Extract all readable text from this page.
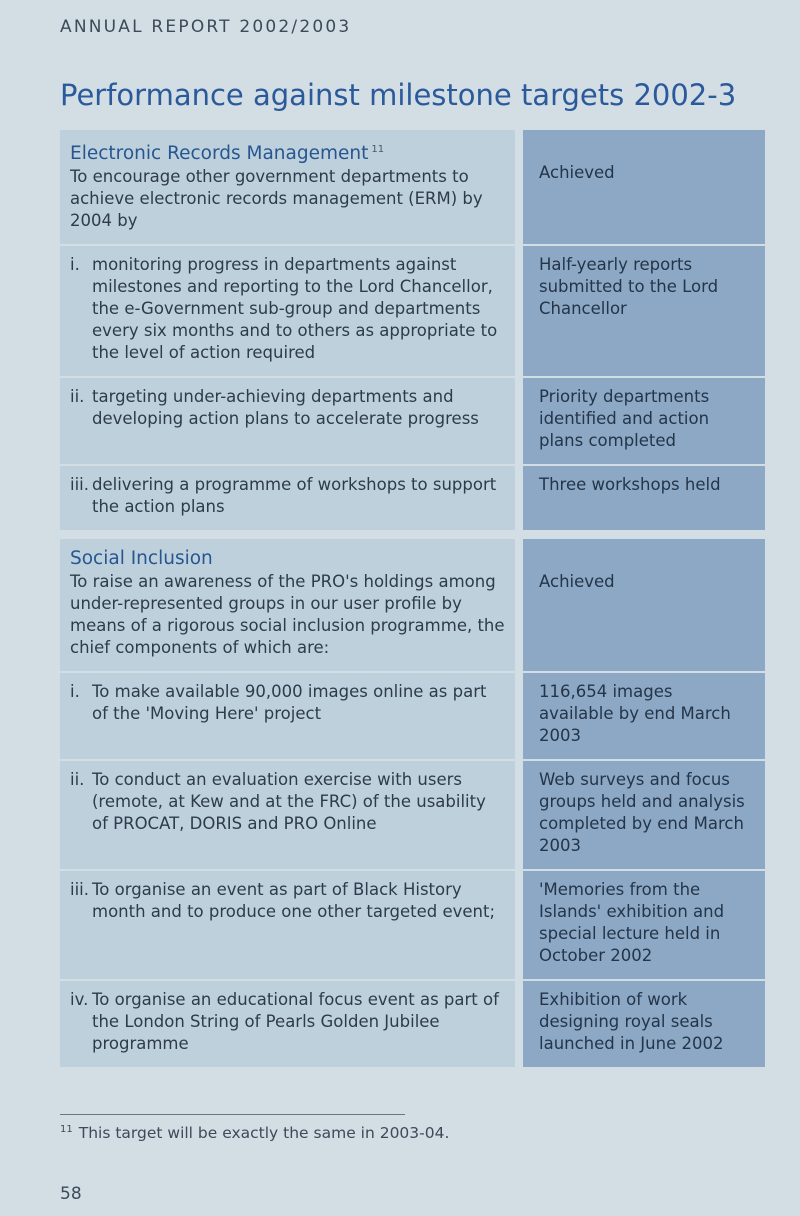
ANNUAL REPORT 2002/2003
Performance against milestone targets 2002-3
Electronic Records Management $^{11}$
To encourage other government departments to achieve electronic records management (ERM) by 2004 by
Achieved
i. monitoring progress in departments against milestones and reporting to the Lord Chancellor, the e-Government sub-group and departments every six months and to others as appropriate to the level of action required
Half-yearly reports submitted to the Lord Chancellor
ii. targeting under-achieving departments and developing action plans to accelerate progress
Priority departments identified and action plans completed
iii. delivering a programme of workshops to support the action plans
Three workshops held
Social Inclusion
To raise an awareness of the PRO's holdings among under-represented groups in our user profile by means of a rigorous social inclusion programme, the chief components of which are:
Achieved
i. To make available 90,000 images online as part of the 'Moving Here' project
116,654 images available by end March 2003
ii. To conduct an evaluation exercise with users (remote, at Kew and at the FRC) of the usability of PROCAT, DORIS and PRO Online
Web surveys and focus groups held and analysis completed by end March 2003
iii. To organise an event as part of Black History month and to produce one other targeted event;
'Memories from the Islands' exhibition and special lecture held in October 2002
iv. To organise an educational focus event as part of the London String of Pearls Golden Jubilee programme
Exhibition of work designing royal seals launched in June 2002
$^{11}$ This target will be exactly the same in 2003-04.
58
